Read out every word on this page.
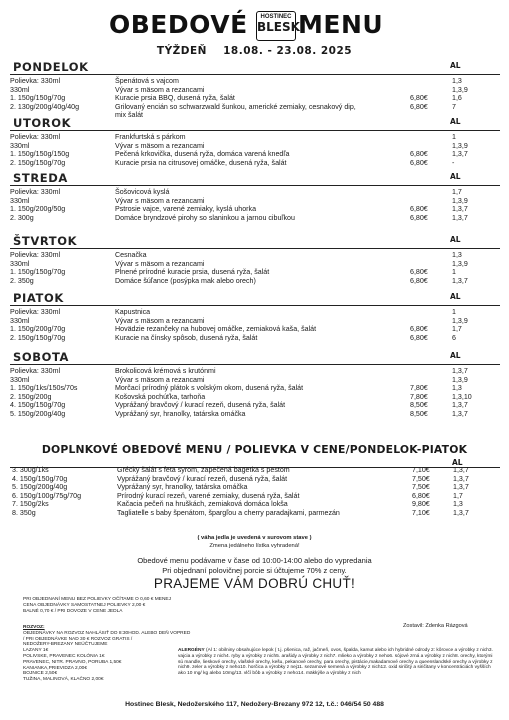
OBEDOVÉ	HOSTINEC
BLESK
MENU
TÝŽDEŇ 18.08. - 23.08. 2025
PONDELOK	AL
Polievka: 330ml	Špenátová s vajcom	1,3
330ml	Vývar s mäsom a rezancami	1,3,9
1. 150g/150g/70g	Kuracie prsia BBQ, dusená ryža, šalát	6,80€	1,6
2. 130g/200g/40g/40g	Grilovaný encián so schwarzwald šunkou, americké zemiaky, cesnakový dip,	6,80€	7
mix šalát
UTOROK	AL
Polievka: 330ml	Frankfurtská s párkom	1
330ml	Vývar s mäsom a rezancami	1,3,9
1. 150g/150g/150g	Pečená krkovička, dusená ryža, domáca varená knedľa	6,80€	1,3,7
2. 150g/150g/70g	Kuracie prsia na citrusovej omáčke, dusená ryža, šalát	6,80€	-
STREDA	AL
Polievka: 330ml	Šošovicová kyslá	1,7
330ml	Vývar s mäsom a rezancami	1,3,9
1. 150g/200g/50g	Pstrosie vajce, varené zemiaky, kyslá uhorka	6,80€	1,3,7
2. 300g	Domáce bryndzové pirohy so slaninkou a jarnou cibuľkou	6,80€	1,3,7
ŠTVRTOK	AL
Polievka: 330ml	Cesnačka	1,3
330ml	Vývar s mäsom a rezancami	1,3,9
1. 150g/150g/70g	Plnené prírodné kuracie prsia, dusená ryža, šalát	6,80€	1
2. 350g	Domáce šúľance (posýpka mak alebo orech)	6,80€	1,3,7
PIATOK	AL
Polievka: 330ml	Kapustnica	1
330ml	Vývar s mäsom a rezancami	1,3,9
1. 150g/200g/70g	Hovädzie rezančeky na hubovej omáčke, zemiaková kaša, šalát	6,80€	1,7
2. 150g/150g/70g	Kuracie na čínsky spôsob, dusená ryža, šalát	6,80€	6
SOBOTA	AL
Polievka: 330ml	Brokolicová krémová s krutónmi	1,3,7
330ml	Vývar s mäsom a rezancami	1,3,9
1. 150g/1ks/150s/70s	Morčací prírodný plátok s volským okom, dusená ryža, šalát	7,80€	1,3
2. 150g/200g	Košovská pochúťka, tarhoňa	7,80€	1,3,10
4. 150g/150g/70g	Vyprážaný bravčový / kurací rezeň, dusená ryža, šalát	8,50€	1,3,7
5. 150g/200g/40g	Vyprážaný syr, hranolky, tatárska omáčka	8,50€	1,3,7
DOPLNKOVÉ OBEDOVÉ MENU / POLIEVKA V CENE/PONDELOK-PIATOK
AL
3. 300g/1ks	Grécky šalát s feta syrom, zapečená bagetka s pestom	7,10€	1,3,7
4. 150g/150g/70g	Vyprážaný bravčový / kurací rezeň, dusená ryža, šalát	7,50€	1,3,7
5. 150g/200g/40g	Vyprážaný syr, hranolky, tatárska omáčka	7,50€	1,3,7
6. 150g/100g/75g/70g	Prírodný kurací rezeň, varené zemiaky, dusená ryža, šalát	6,80€	1,7
7. 150g/2ks	Kačacia pečeň na hruškách, zemiaková domáca lokša	9,80€	1,3
8. 350g	Tagliatelle s baby špenátom, špargľou a cherry paradajkami, parmezán	7,10€	1,3,7
( váha jedla je uvedená v surovom stave )
Zmena jedálneho lístka vyhradená!
Obedové menu podávame v čase od 10:00-14:00 alebo do vypredania
Pri objednaní polovičnej porcie si účtujeme 70% z ceny.
PRAJEME VÁM DOBRÚ CHUŤ!
PRI OBJEDNANÍ MENU BEZ POLIEVKY OČÍTAME O 0,60 € MENEJ
CENA OBJEDNÁVKY SAMOSTATNEJ POLIEVKY 2,00 €
BALNÉ 0,70 € / PRI DOVOZE V CENE JEDLA
Zostavil: Zdenka Rázgová
ROZVOZ:
OBJEDNÁVKY NA ROZVOZ NAHLÁSIŤ DO 8:30HOD. ALEBO DEŇ VOPRED
/ PRI OBJEDNÁVKE NAD 30 € ROZVOZ GRATIS /
NEDOŽERY-BREZANY NEÚČTUJEME
LAZANY 1€
POLIVSKE, PRAVENEC KOLÓNIA 1€
PRAVENEC, NITR. PRAVNO, PORUBA 1,50€
KANIANKA,PRIEVIDZA 2,00€
BOJNICE 2,50€
TUŽINA, MALINOVÁ, KLAČNO 2,00€
ALERGÉNY (Al 1: obilniny obsahujúce lepok ( t.j. pšenica, raž, jačmeň, ovos, špalda, kamut alebo ich hybridné odrody 2: kôrovce a výrobky z nich3. vajcia a výrobky z nich4. ryby a výrobky z nich5. arašidy a výrobky z nich7. mlieko a výrobky z neho6. sójové zrná a výrobky z nich8. orechy, ktorými sú mandle, lieskové orechy, vlašské orechy, kešu, pekanové orechy, para orechy, pistácie,makadamové orechy a queenslandské orechy a výrobky z nich9. zeler a výrobky z neho10. horčica a výrobky z nej11. sezamové semená a výrobky z nich12. oxid siričitý a siričitany v koncentráciách vyšších ako 10 mg/ kg alebo 10mg/13. vlčí bôb a výrobky z neho14. mäkkýše a výrobky z nich
Hostinec Blesk, Nedožerského 117, Nedožery-Brezany 972 12, t.č.: 046/54 50 488
